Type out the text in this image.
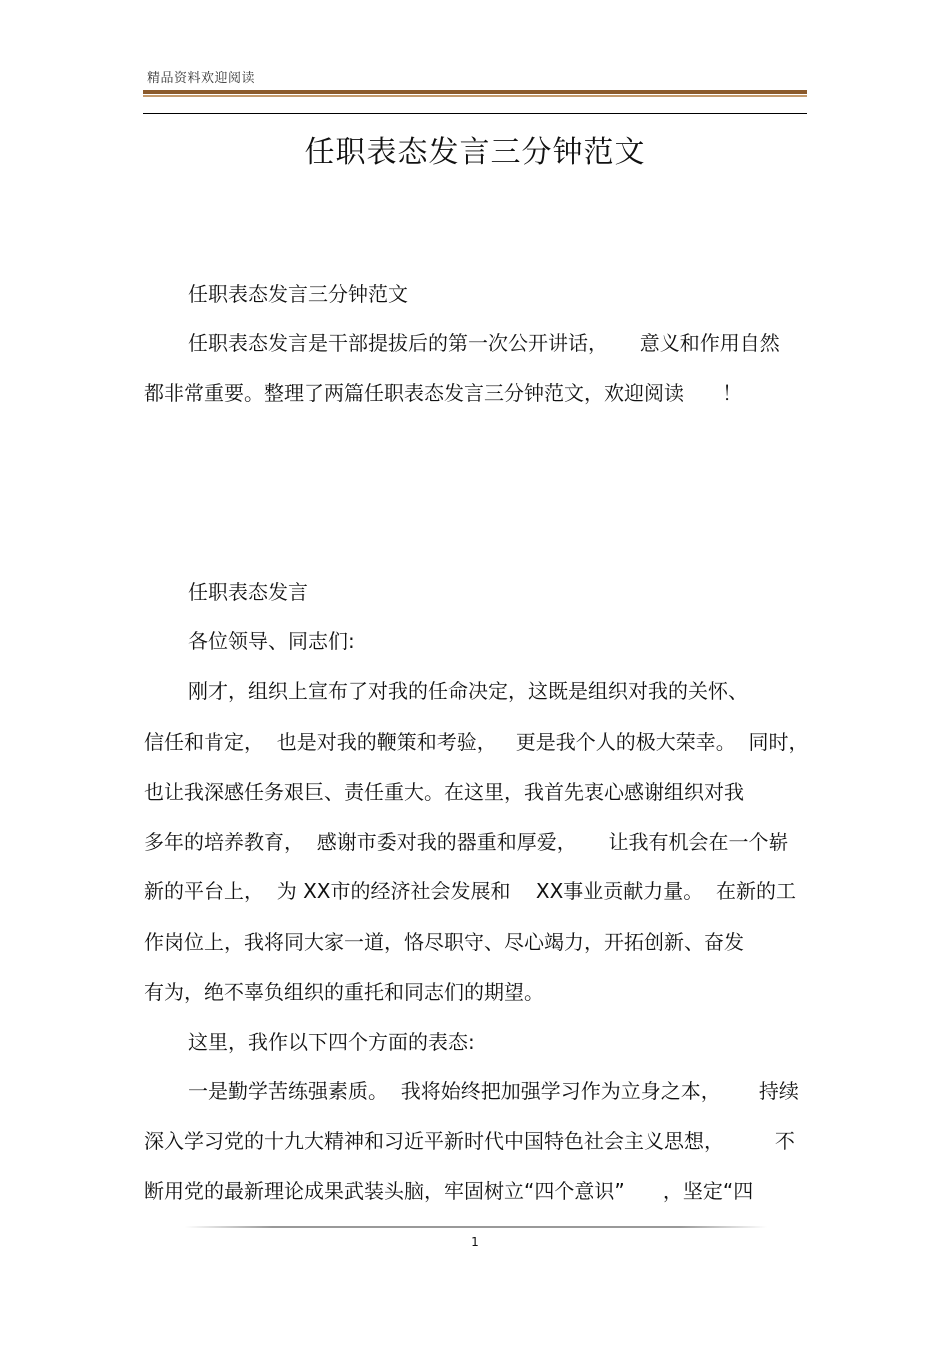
精品资料欢迎阅读
任职表态发言三分钟范文
任职表态发言三分钟范文
任职表态发言是干部提拔后的第一次公开讲话，     意义和作用自然
都非常重要。整理了两篇任职表态发言三分钟范文，欢迎阅读      ！
任职表态发言
各位领导、同志们:
刚才，组织上宣布了对我的任命决定，这既是组织对我的关怀、
信任和肯定，  也是对我的鞭策和考验，   更是我个人的极大荣幸。  同时，
也让我深感任务艰巨、责任重大。在这里，我首先衷心感谢组织对我
多年的培养教育，  感谢市委对我的器重和厚爱，     让我有机会在一个崭
新的平台上，  为 XX市的经济社会发展和    XX事业贡献力量。  在新的工
作岗位上，我将同大家一道，恪尽职守、尽心竭力，开拓创新、奋发
有为，绝不辜负组织的重托和同志们的期望。
这里，我作以下四个方面的表态:
一是勤学苦练强素质。  我将始终把加强学习作为立身之本，      持续
深入学习党的十九大精神和习近平新时代中国特色社会主义思想，        不
断用党的最新理论成果武装头脑，牢固树立“四个意识”      ，坚定“四
1
